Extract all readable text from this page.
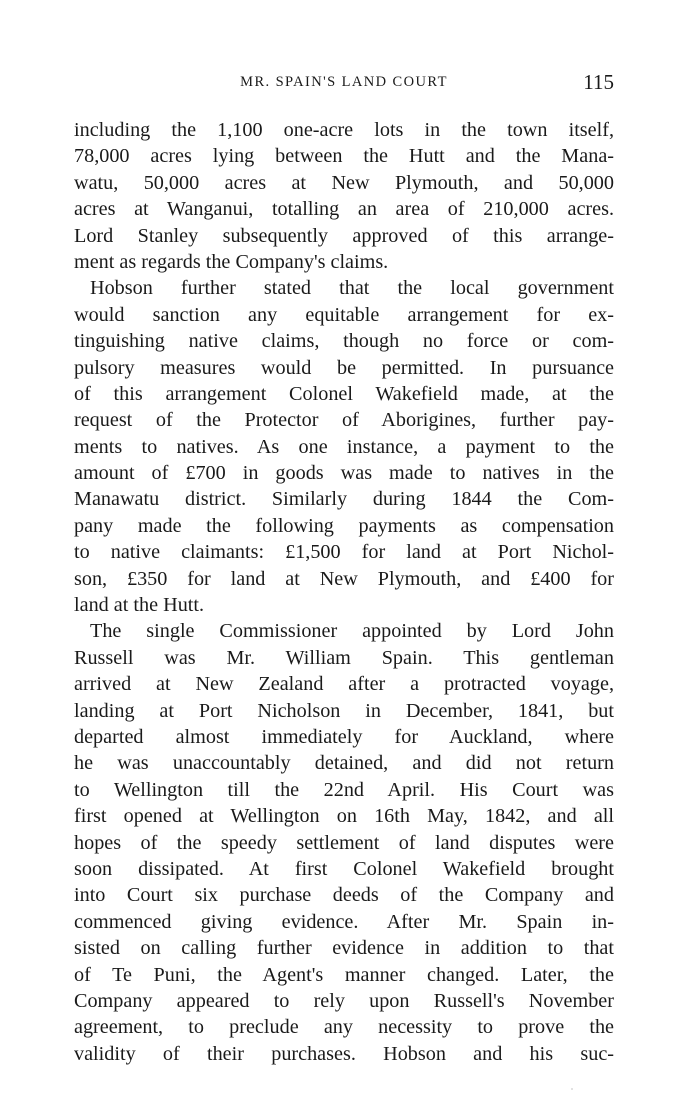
MR. SPAIN'S LAND COURT	115
including the 1,100 one-acre lots in the town itself,
78,000 acres lying between the Hutt and the Mana-
watu, 50,000 acres at New Plymouth, and 50,000
acres at Wanganui, totalling an area of 210,000 acres.
Lord Stanley subsequently approved of this arrange-
ment as regards the Company's claims.
Hobson further stated that the local government
would sanction any equitable arrangement for ex-
tinguishing native claims, though no force or com-
pulsory measures would be permitted. In pursuance
of this arrangement Colonel Wakefield made, at the
request of the Protector of Aborigines, further pay-
ments to natives. As one instance, a payment to the
amount of £700 in goods was made to natives in the
Manawatu district. Similarly during 1844 the Com-
pany made the following payments as compensation
to native claimants: £1,500 for land at Port Nichol-
son, £350 for land at New Plymouth, and £400 for
land at the Hutt.
The single Commissioner appointed by Lord John
Russell was Mr. William Spain. This gentleman
arrived at New Zealand after a protracted voyage,
landing at Port Nicholson in December, 1841, but
departed almost immediately for Auckland, where
he was unaccountably detained, and did not return
to Wellington till the 22nd April. His Court was
first opened at Wellington on 16th May, 1842, and all
hopes of the speedy settlement of land disputes were
soon dissipated. At first Colonel Wakefield brought
into Court six purchase deeds of the Company and
commenced giving evidence. After Mr. Spain in-
sisted on calling further evidence in addition to that
of Te Puni, the Agent's manner changed. Later, the
Company appeared to rely upon Russell's November
agreement, to preclude any necessity to prove the
validity of their purchases. Hobson and his suc-
